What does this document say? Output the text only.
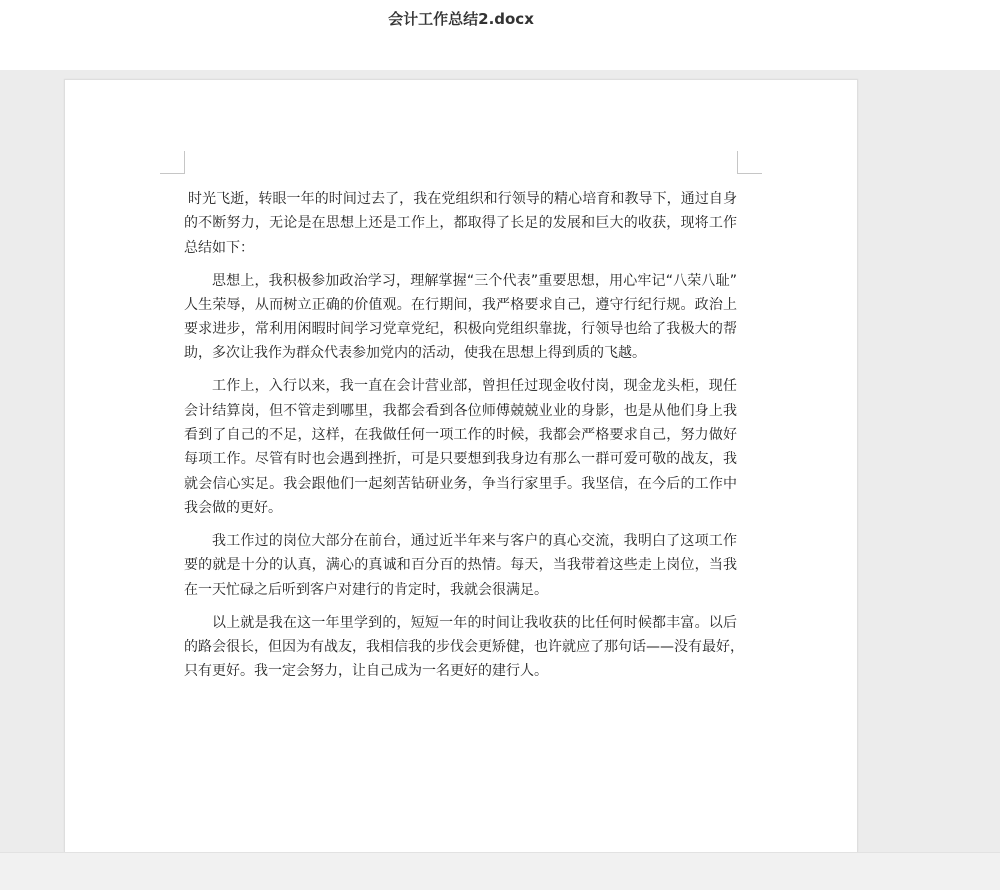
会计工作总结2.docx
时光飞逝，转眼一年的时间过去了，我在党组织和行领导的精心培育和教导下，通过自身
的不断努力，无论是在思想上还是工作上，都取得了长足的发展和巨大的收获，现将工作
总结如下：
思想上，我积极参加政治学习，理解掌握“三个代表”重要思想，用心牢记“八荣八耻”
人生荣辱，从而树立正确的价值观。在行期间，我严格要求自己，遵守行纪行规。政治上
要求进步，常利用闲暇时间学习党章党纪，积极向党组织靠拢，行领导也给了我极大的帮
助，多次让我作为群众代表参加党内的活动，使我在思想上得到质的飞越。
工作上，入行以来，我一直在会计营业部，曾担任过现金收付岗，现金龙头柜，现任
会计结算岗，但不管走到哪里，我都会看到各位师傅兢兢业业的身影，也是从他们身上我
看到了自己的不足，这样，在我做任何一项工作的时候，我都会严格要求自己，努力做好
每项工作。尽管有时也会遇到挫折，可是只要想到我身边有那么一群可爱可敬的战友，我
就会信心实足。我会跟他们一起刻苦钻研业务，争当行家里手。我坚信，在今后的工作中
我会做的更好。
我工作过的岗位大部分在前台，通过近半年来与客户的真心交流，我明白了这项工作
要的就是十分的认真，满心的真诚和百分百的热情。每天，当我带着这些走上岗位，当我
在一天忙碌之后听到客户对建行的肯定时，我就会很满足。
以上就是我在这一年里学到的，短短一年的时间让我收获的比任何时候都丰富。以后
的路会很长，但因为有战友，我相信我的步伐会更矫健，也许就应了那句话——没有最好，
只有更好。我一定会努力，让自己成为一名更好的建行人。
